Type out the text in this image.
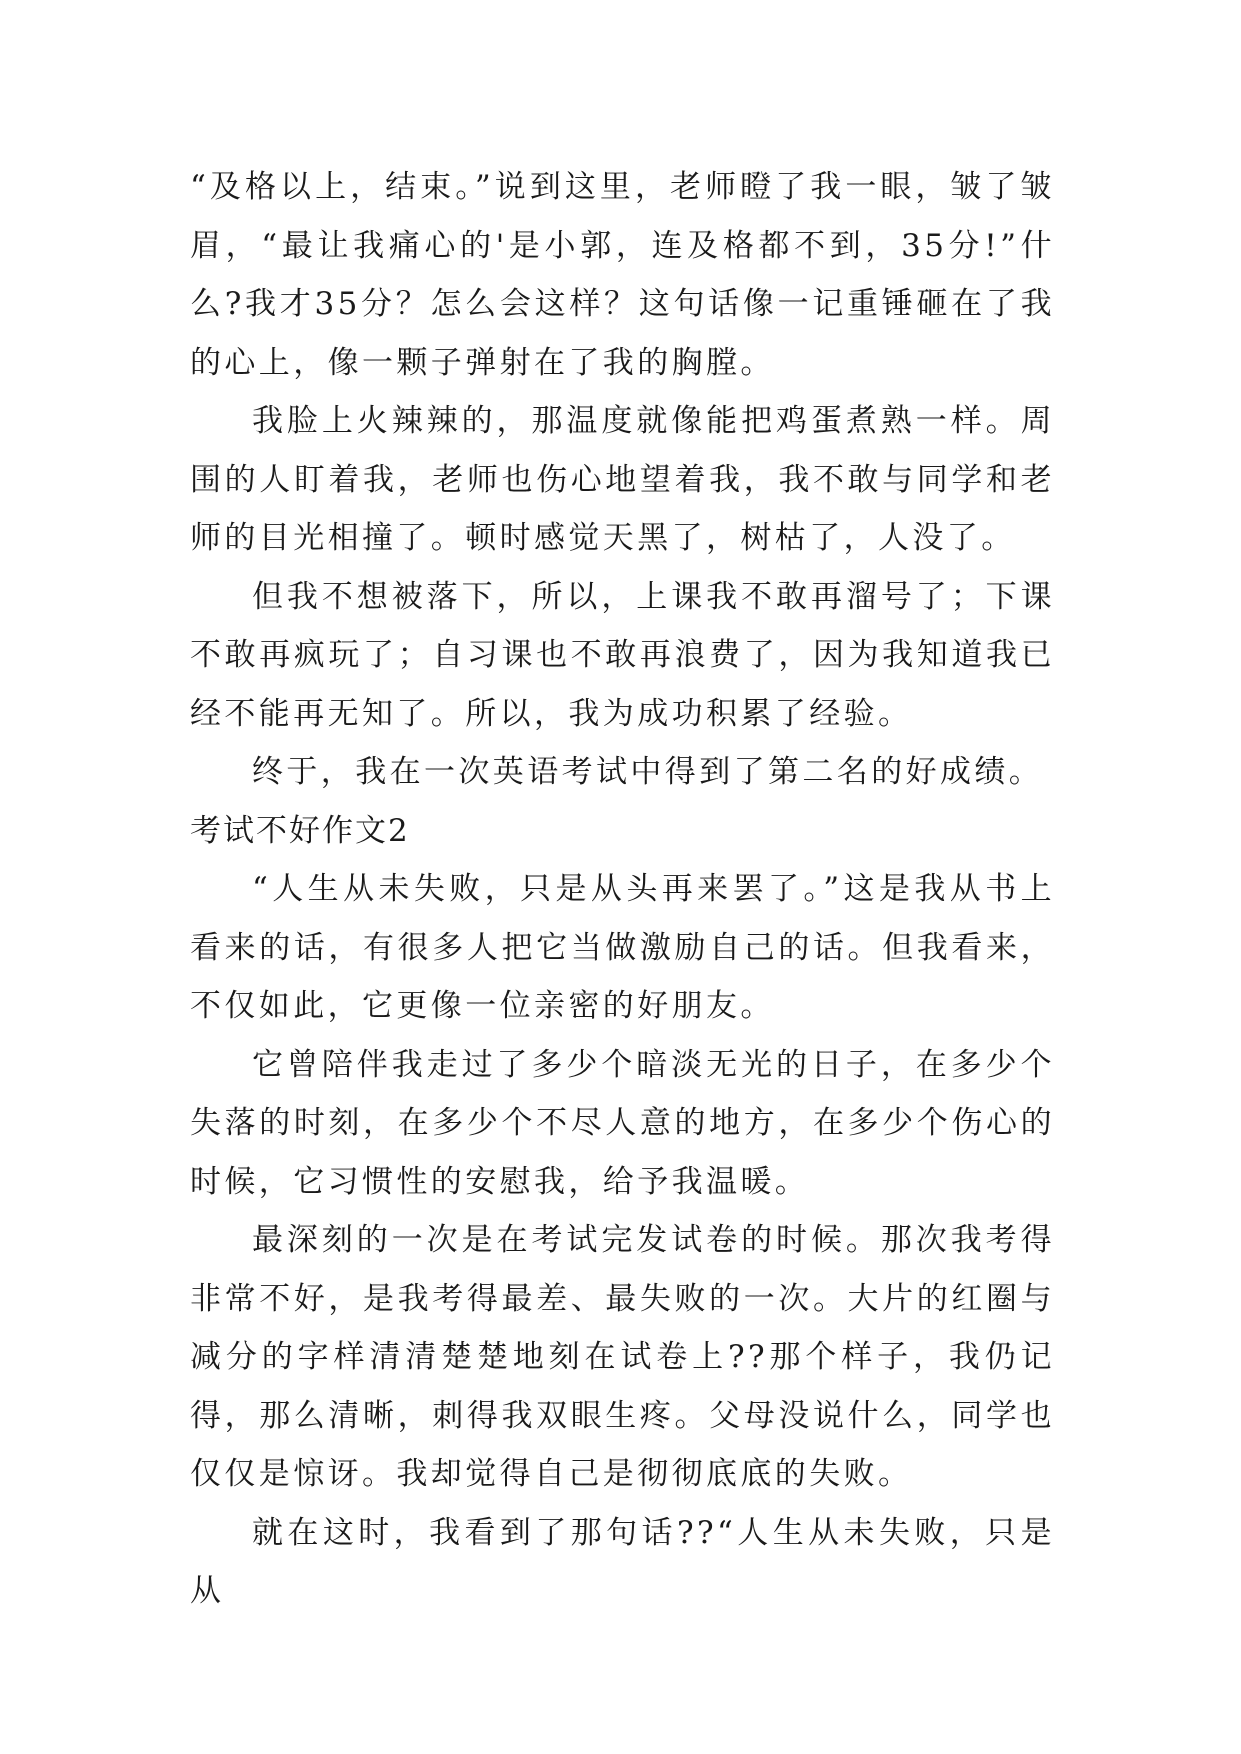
“及格以上，结束。”说到这里，老师瞪了我一眼，皱了皱眉，“最让我痛心的'是小郭，连及格都不到，35分!”什么?我才35分？怎么会这样？这句话像一记重锤砸在了我的心上，像一颗子弹射在了我的胸膛。

我脸上火辣辣的，那温度就像能把鸡蛋煮熟一样。周围的人盯着我，老师也伤心地望着我，我不敢与同学和老师的目光相撞了。顿时感觉天黑了，树枯了，人没了。

但我不想被落下，所以，上课我不敢再溜号了；下课不敢再疯玩了；自习课也不敢再浪费了，因为我知道我已经不能再无知了。所以，我为成功积累了经验。

终于，我在一次英语考试中得到了第二名的好成绩。

考试不好作文2

“人生从未失败，只是从头再来罢了。”这是我从书上看来的话，有很多人把它当做激励自己的话。但我看来，不仅如此，它更像一位亲密的好朋友。

它曾陪伴我走过了多少个暗淡无光的日子，在多少个失落的时刻，在多少个不尽人意的地方，在多少个伤心的时候，它习惯性的安慰我，给予我温暖。

最深刻的一次是在考试完发试卷的时候。那次我考得非常不好，是我考得最差、最失败的一次。大片的红圈与减分的字样清清楚楚地刻在试卷上??那个样子，我仍记得，那么清晰，刺得我双眼生疼。父母没说什么，同学也仅仅是惊讶。我却觉得自己是彻彻底底的失败。

就在这时，我看到了那句话??“人生从未失败，只是从
